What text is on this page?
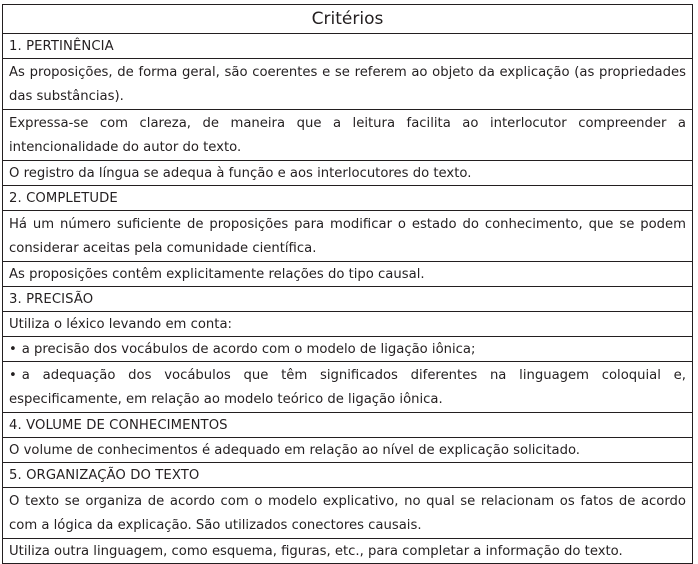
Critérios
1. PERTINÊNCIA
As proposições, de forma geral, são coerentes e se referem ao objeto da explicação (as propriedades das substâncias).
Expressa-se com clareza, de maneira que a leitura facilita ao interlocutor compreender a intencionalidade do autor do texto.
O registro da língua se adequa à função e aos interlocutores do texto.
2. COMPLETUDE
Há um número suficiente de proposições para modificar o estado do conhecimento, que se podem considerar aceitas pela comunidade científica.
As proposições contêm explicitamente relações do tipo causal.
3. PRECISÃO
Utiliza o léxico levando em conta:
• a precisão dos vocábulos de acordo com o modelo de ligação iônica;
• a adequação dos vocábulos que têm significados diferentes na linguagem coloquial e, especificamente, em relação ao modelo teórico de ligação iônica.
4. VOLUME DE CONHECIMENTOS
O volume de conhecimentos é adequado em relação ao nível de explicação solicitado.
5. ORGANIZAÇÃO DO TEXTO
O texto se organiza de acordo com o modelo explicativo, no qual se relacionam os fatos de acordo com a lógica da explicação. São utilizados conectores causais.
Utiliza outra linguagem, como esquema, figuras, etc., para completar a informação do texto.
